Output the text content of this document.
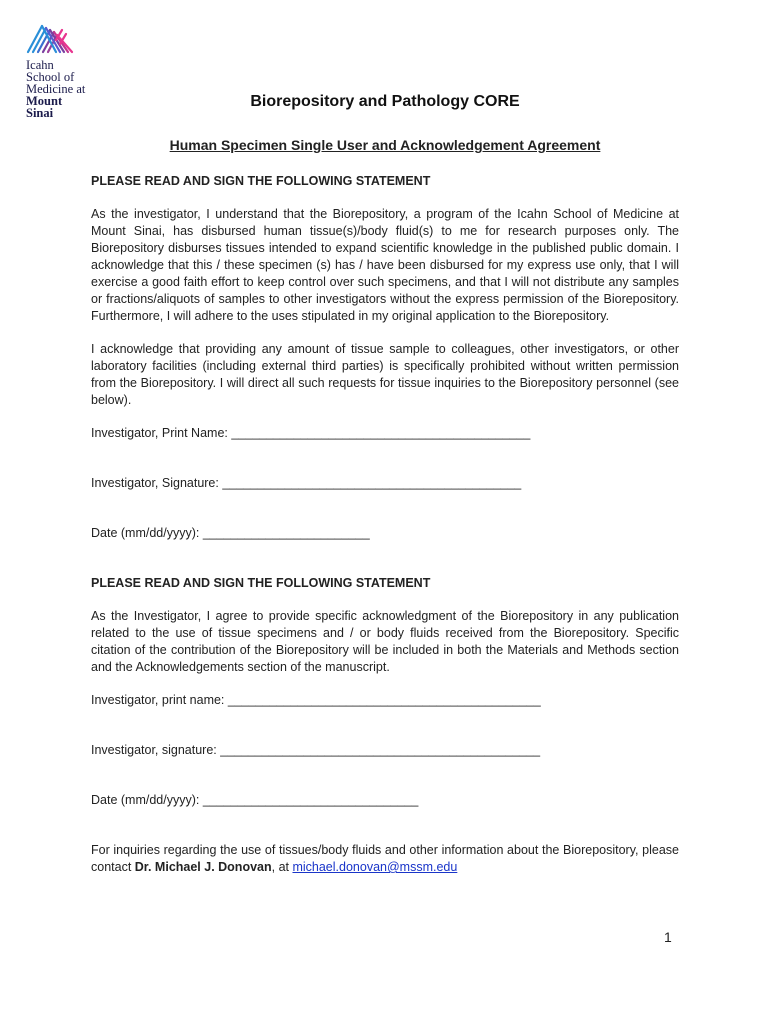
Icahn
School of
Medicine at
Mount
Sinai
Biorepository and Pathology CORE
Human Specimen Single User and Acknowledgement Agreement

PLEASE READ AND SIGN THE FOLLOWING STATEMENT

As the investigator, I understand that the Biorepository, a program of the Icahn School of Medicine at Mount Sinai, has disbursed human tissue(s)/body fluid(s) to me for research purposes only. The Biorepository disburses tissues intended to expand scientific knowledge in the published public domain. I acknowledge that this / these specimen (s) has / have been disbursed for my express use only, that I will exercise a good faith effort to keep control over such specimens, and that I will not distribute any samples or fractions/aliquots of samples to other investigators without the express permission of the Biorepository. Furthermore, I will adhere to the uses stipulated in my original application to the Biorepository.

I acknowledge that providing any amount of tissue sample to colleagues, other investigators, or other laboratory facilities (including external third parties) is specifically prohibited without written permission from the Biorepository. I will direct all such requests for tissue inquiries to the Biorepository personnel (see below).

Investigator, Print Name: ___________________________________________

Investigator, Signature: ___________________________________________

Date (mm/dd/yyyy): ________________________

PLEASE READ AND SIGN THE FOLLOWING STATEMENT

As the Investigator, I agree to provide specific acknowledgment of the Biorepository in any publication related to the use of tissue specimens and / or body fluids received from the Biorepository. Specific citation of the contribution of the Biorepository will be included in both the Materials and Methods section and the Acknowledgements section of the manuscript.

Investigator, print name: _____________________________________________

Investigator, signature: ______________________________________________

Date (mm/dd/yyyy): _______________________________

For inquiries regarding the use of tissues/body fluids and other information about the Biorepository, please contact Dr. Michael J. Donovan, at michael.donovan@mssm.edu

1
